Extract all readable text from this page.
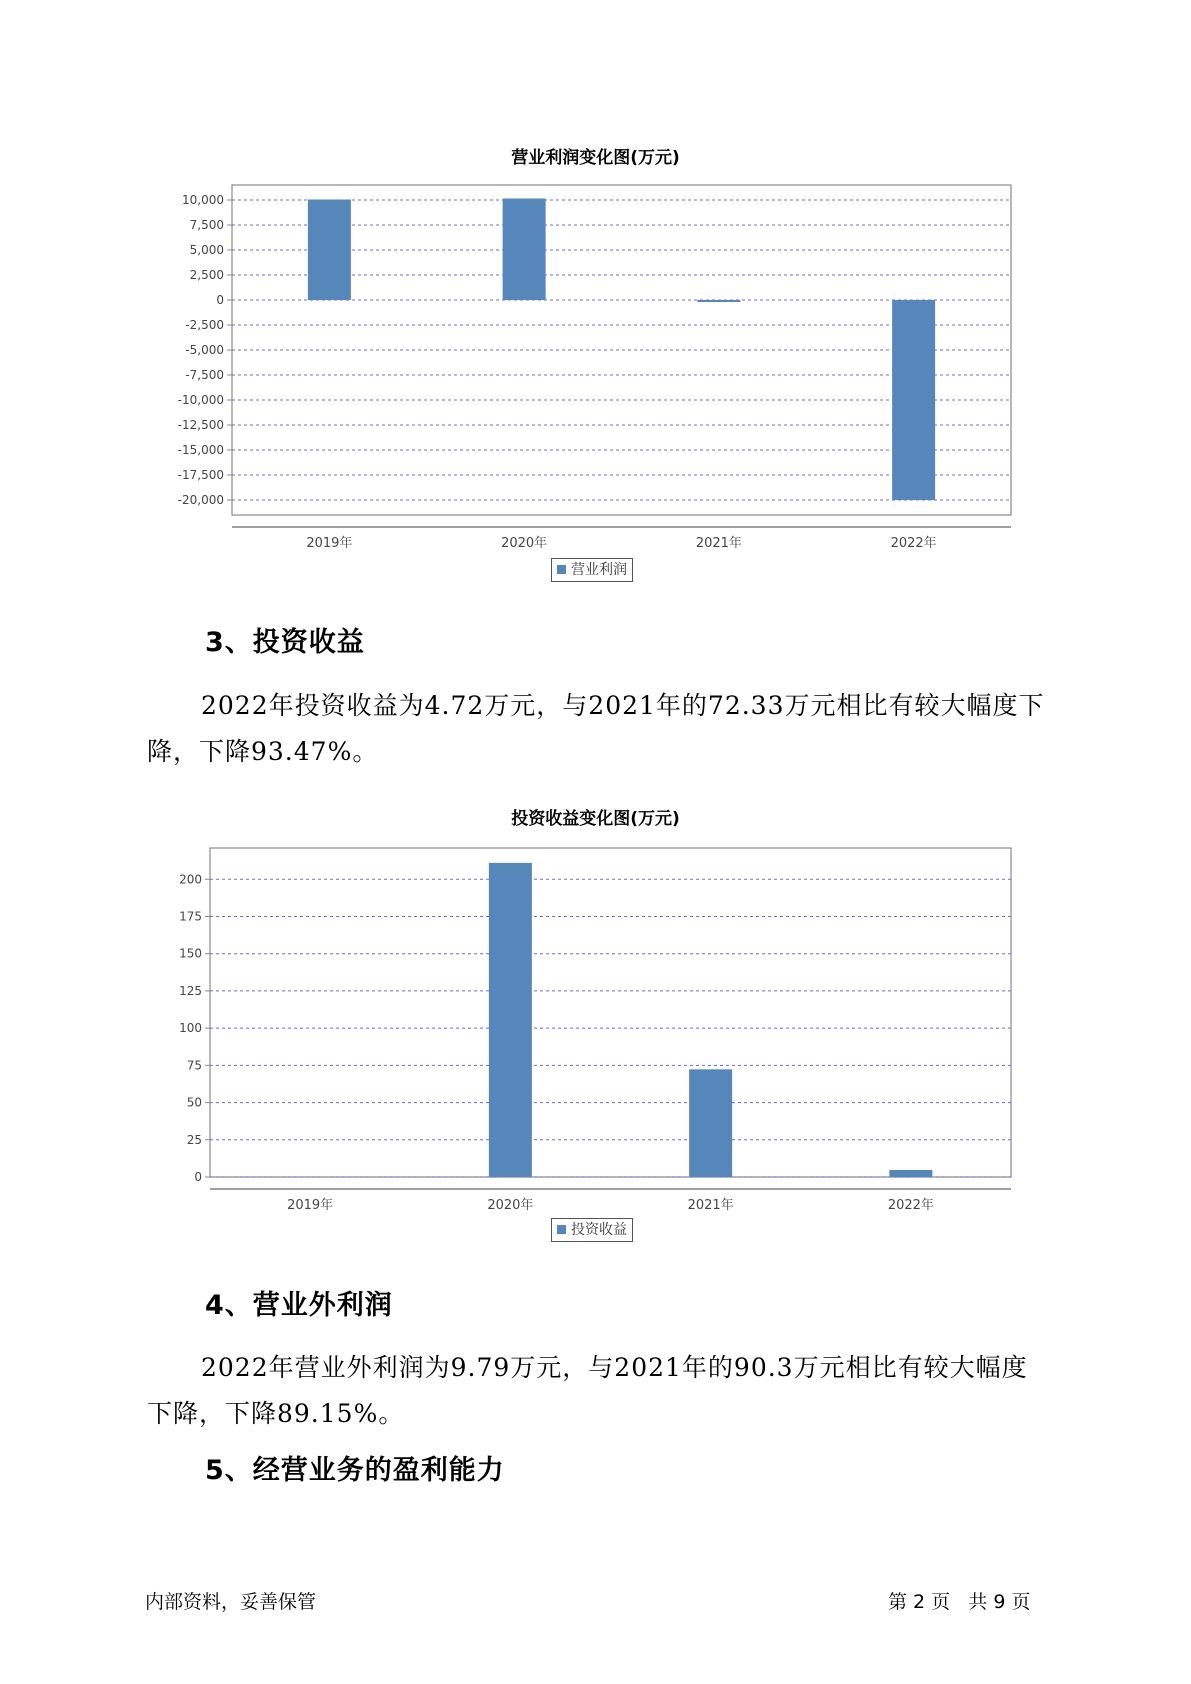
营业利润变化图(万元)
10,000
7,500
5,000
2,500
0
-2,500
-5,000
-7,500
-10,000
-12,500
-15,000
-17,500
-20,000
2019年	2020年	2021年	2022年
营业利润
3、投资收益
2022年投资收益为4.72万元，与2021年的72.33万元相比有较大幅度下
降，下降93.47%。
投资收益变化图(万元)
200
175
150
125
100
75
50
25
0
2019年	2020年	2021年	2022年
投资收益
4、营业外利润
2022年营业外利润为9.79万元，与2021年的90.3万元相比有较大幅度
下降，下降89.15%。
5、经营业务的盈利能力
内部资料，妥善保管	第 2 页   共 9 页
